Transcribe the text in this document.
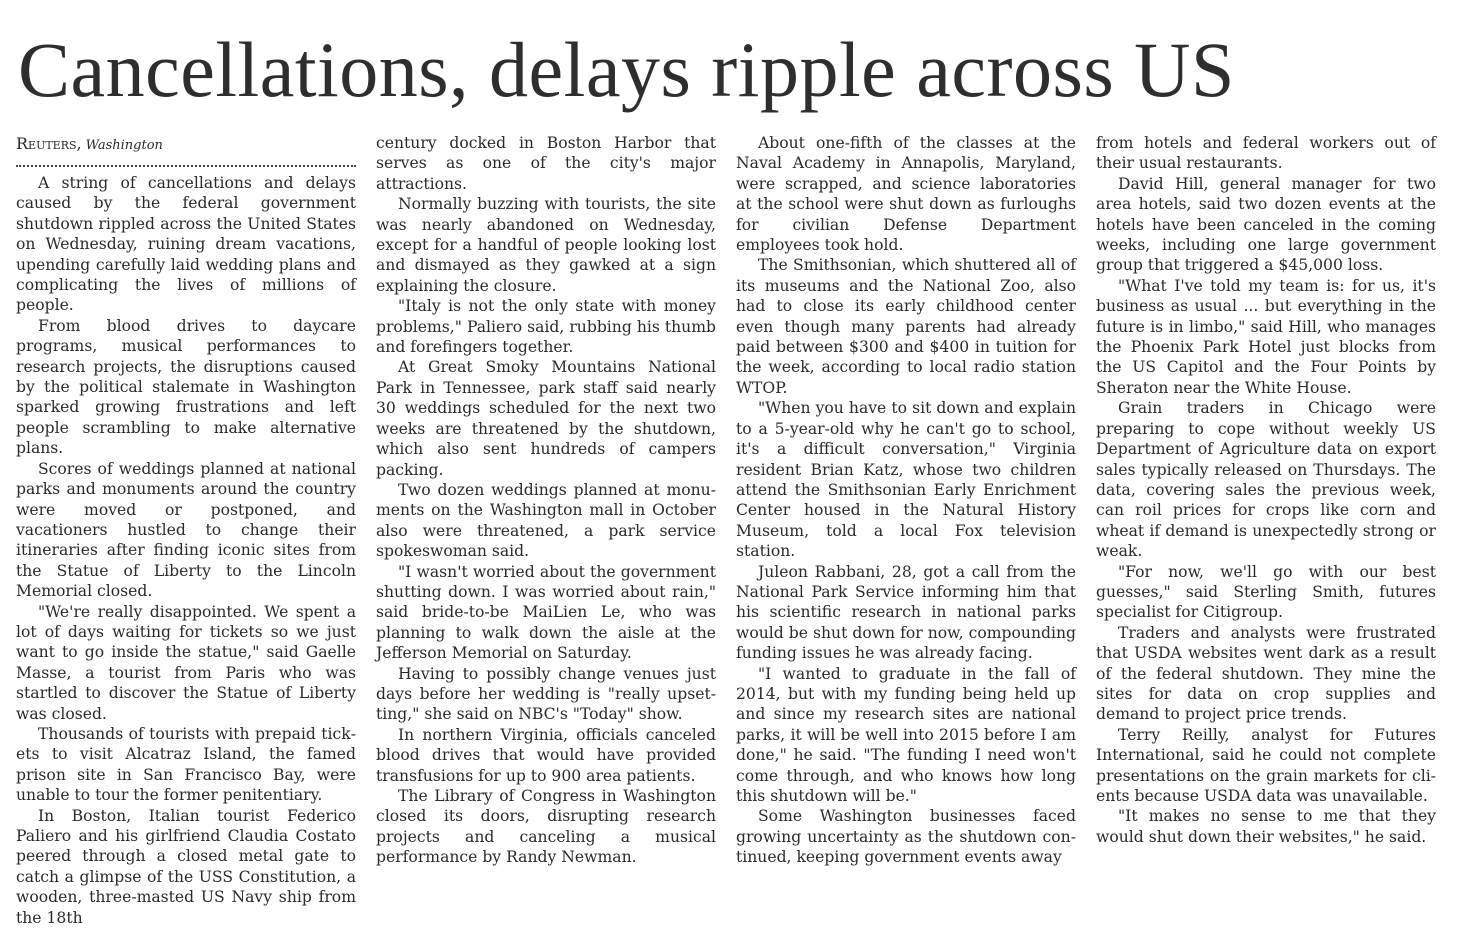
Cancellations, delays ripple across US
Reuters, Washington

A string of cancellations and delays caused by the federal government shutdown rippled across the United States on Wednesday, ruining dream vacations, upending carefully laid wedding plans and complicating the lives of millions of people.

From blood drives to daycare programs, musical performances to research projects, the disruptions caused by the political stalemate in Washington sparked growing frustrations and left people scrambling to make alternative plans.

Scores of weddings planned at national parks and monuments around the country were moved or postponed, and vacationers hustled to change their itineraries after finding iconic sites from the Statue of Liberty to the Lincoln Memorial closed.

"We're really disappointed. We spent a lot of days waiting for tickets so we just want to go inside the statue," said Gaelle Masse, a tourist from Paris who was startled to discover the Statue of Liberty was closed.

Thousands of tourists with prepaid tickets to visit Alcatraz Island, the famed prison site in San Francisco Bay, were unable to tour the former penitentiary.

In Boston, Italian tourist Federico Paliero and his girlfriend Claudia Costato peered through a closed metal gate to catch a glimpse of the USS Constitution, a wooden, three-masted US Navy ship from the 18th

century docked in Boston Harbor that serves as one of the city's major attractions.

Normally buzzing with tourists, the site was nearly abandoned on Wednesday, except for a handful of people looking lost and dismayed as they gawked at a sign explaining the closure.

"Italy is not the only state with money problems," Paliero said, rubbing his thumb and forefingers together.

At Great Smoky Mountains National Park in Tennessee, park staff said nearly 30 weddings scheduled for the next two weeks are threatened by the shutdown, which also sent hundreds of campers packing.

Two dozen weddings planned at monuments on the Washington mall in October also were threatened, a park service spokeswoman said.

"I wasn't worried about the government shutting down. I was worried about rain," said bride-to-be MaiLien Le, who was planning to walk down the aisle at the Jefferson Memorial on Saturday.

Having to possibly change venues just days before her wedding is "really upsetting," she said on NBC's "Today" show.

In northern Virginia, officials canceled blood drives that would have provided transfusions for up to 900 area patients.

The Library of Congress in Washington closed its doors, disrupting research projects and canceling a musical performance by Randy Newman.

About one-fifth of the classes at the Naval Academy in Annapolis, Maryland, were scrapped, and science laboratories at the school were shut down as furloughs for civilian Defense Department employees took hold.

The Smithsonian, which shuttered all of its museums and the National Zoo, also had to close its early childhood center even though many parents had already paid between $300 and $400 in tuition for the week, according to local radio station WTOP.

"When you have to sit down and explain to a 5-year-old why he can't go to school, it's a difficult conversation," Virginia resident Brian Katz, whose two children attend the Smithsonian Early Enrichment Center housed in the Natural History Museum, told a local Fox television station.

Juleon Rabbani, 28, got a call from the National Park Service informing him that his scientific research in national parks would be shut down for now, compounding funding issues he was already facing.

"I wanted to graduate in the fall of 2014, but with my funding being held up and since my research sites are national parks, it will be well into 2015 before I am done," he said. "The funding I need won't come through, and who knows how long this shutdown will be."

Some Washington businesses faced growing uncertainty as the shutdown continued, keeping government events away

from hotels and federal workers out of their usual restaurants.

David Hill, general manager for two area hotels, said two dozen events at the hotels have been canceled in the coming weeks, including one large government group that triggered a $45,000 loss.

"What I've told my team is: for us, it's business as usual ... but everything in the future is in limbo," said Hill, who manages the Phoenix Park Hotel just blocks from the US Capitol and the Four Points by Sheraton near the White House.

Grain traders in Chicago were preparing to cope without weekly US Department of Agriculture data on export sales typically released on Thursdays. The data, covering sales the previous week, can roil prices for crops like corn and wheat if demand is unexpectedly strong or weak.

"For now, we'll go with our best guesses," said Sterling Smith, futures specialist for Citigroup.

Traders and analysts were frustrated that USDA websites went dark as a result of the federal shutdown. They mine the sites for data on crop supplies and demand to project price trends.

Terry Reilly, analyst for Futures International, said he could not complete presentations on the grain markets for clients because USDA data was unavailable.

"It makes no sense to me that they would shut down their websites," he said.
